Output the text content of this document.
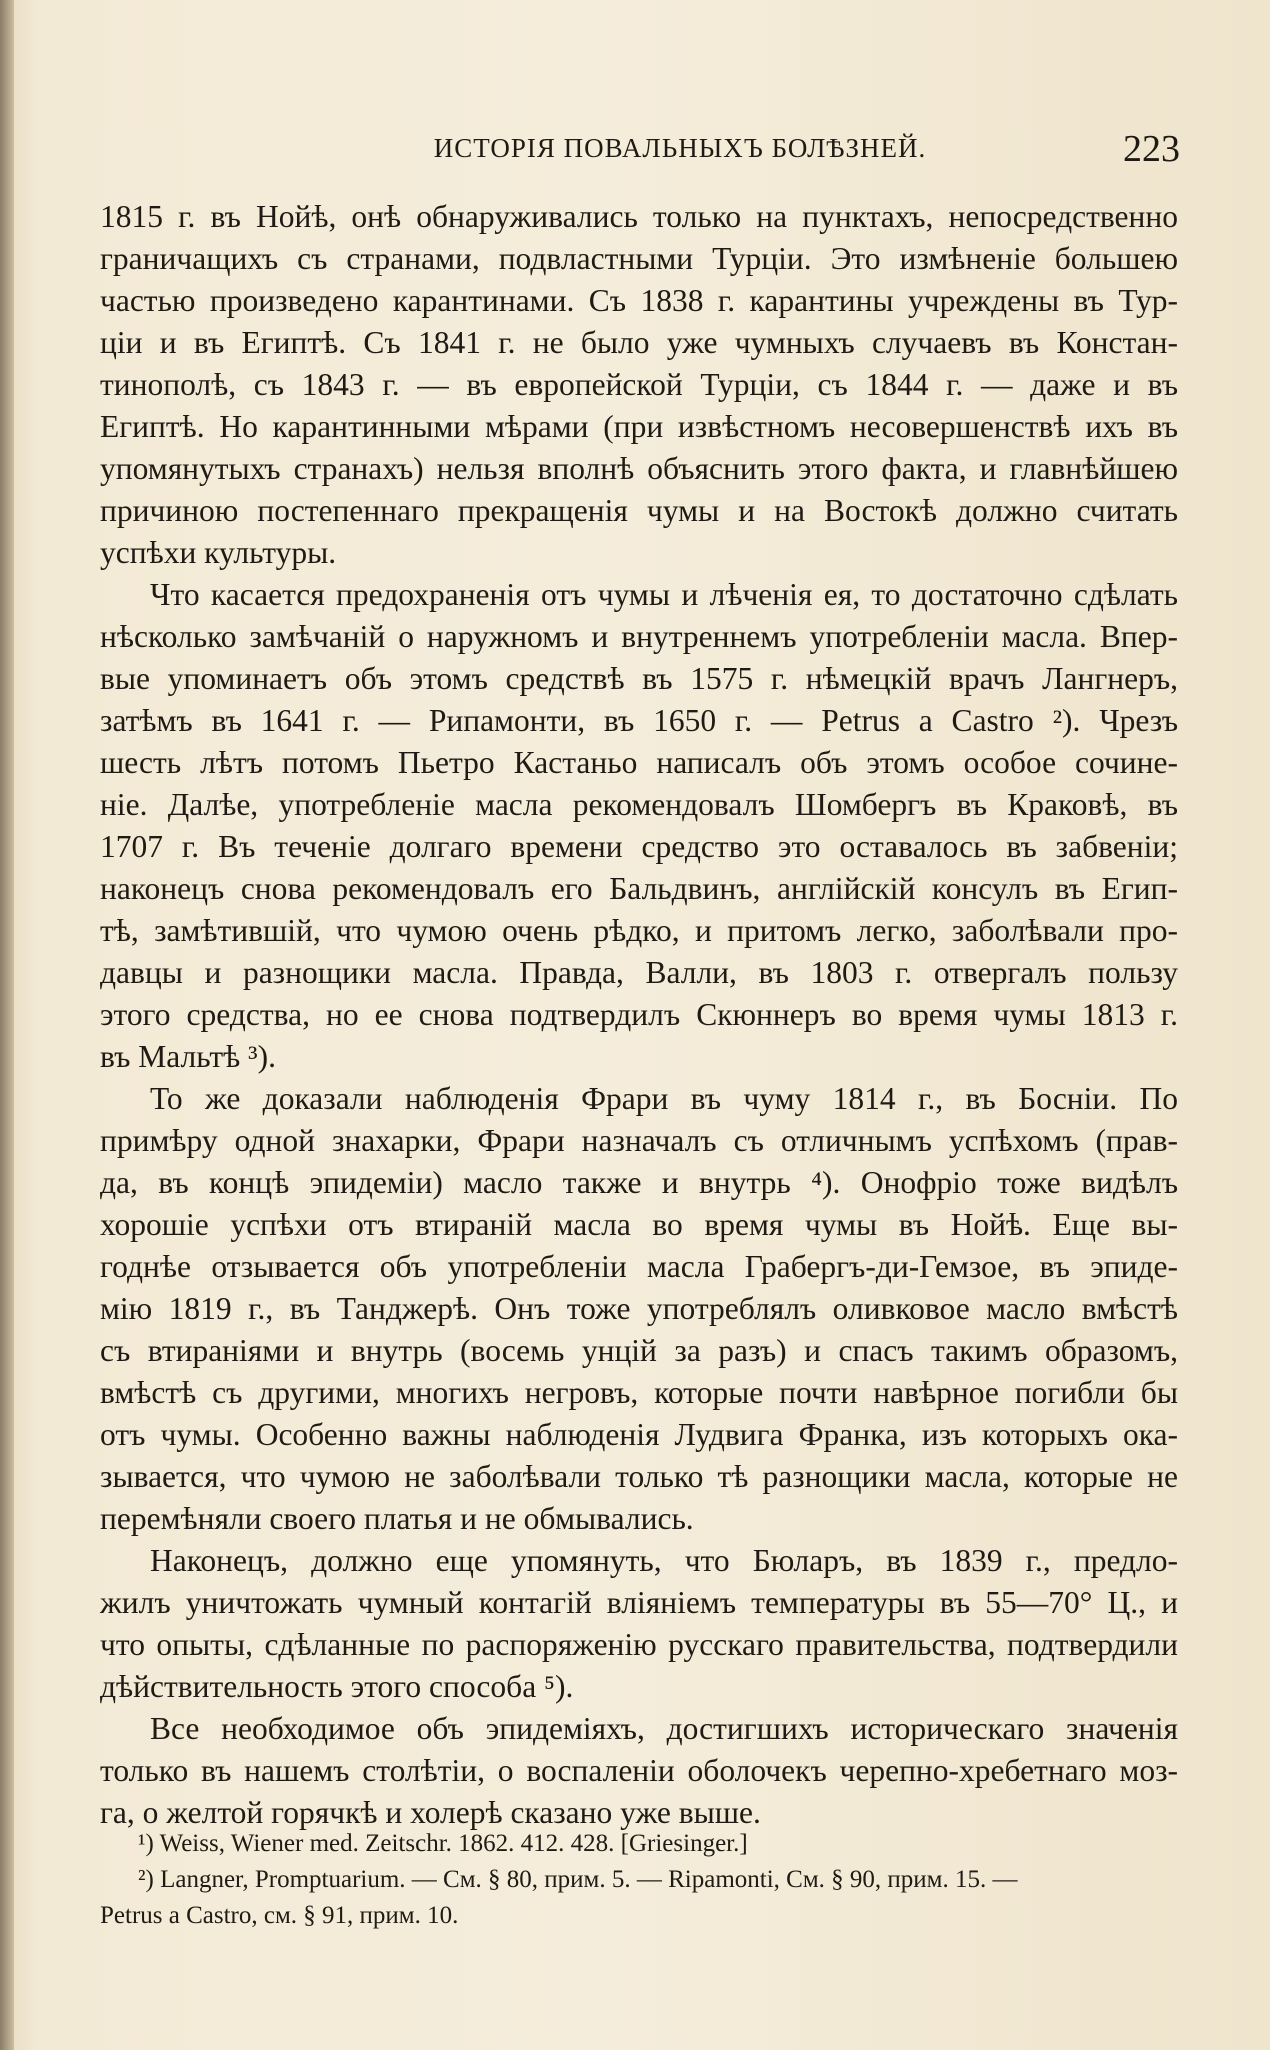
ИСТОРІЯ ПОВАЛЬНЫХЪ БОЛѢЗНЕЙ.	223
1815 г. въ Нойѣ, онѣ обнаруживались только на пунктахъ, непосредственно
граничащихъ съ странами, подвластными Турціи. Это измѣненіе большею
частью произведено карантинами. Съ 1838 г. карантины учреждены въ Тур-
ціи и въ Египтѣ. Съ 1841 г. не было уже чумныхъ случаевъ въ Констан-
тинополѣ, съ 1843 г. — въ европейской Турціи, съ 1844 г. — даже и въ
Египтѣ. Но карантинными мѣрами (при извѣстномъ несовершенствѣ ихъ въ
упомянутыхъ странахъ) нельзя вполнѣ объяснить этого факта, и главнѣйшею
причиною постепеннаго прекращенія чумы и на Востокѣ должно считать
успѣхи культуры.
Что касается предохраненія отъ чумы и лѣченія ея, то достаточно сдѣлать
нѣсколько замѣчаній о наружномъ и внутреннемъ употребленіи масла. Впер-
вые упоминаетъ объ этомъ средствѣ въ 1575 г. нѣмецкій врачъ Лангнеръ,
затѣмъ въ 1641 г. — Рипамонти, въ 1650 г. — Petrus a Castro ²). Чрезъ
шесть лѣтъ потомъ Пьетро Кастаньо написалъ объ этомъ особое сочине-
ніе. Далѣе, употребленіе масла рекомендовалъ Шомбергъ въ Краковѣ, въ
1707 г. Въ теченіе долгаго времени средство это оставалось въ забвеніи;
наконецъ снова рекомендовалъ его Бальдвинъ, англійскій консулъ въ Егип-
тѣ, замѣтившій, что чумою очень рѣдко, и притомъ легко, заболѣвали про-
давцы и разнощики масла. Правда, Валли, въ 1803 г. отвергалъ пользу
этого средства, но ее снова подтвердилъ Скюннеръ во время чумы 1813 г.
въ Мальтѣ ³).
То же доказали наблюденія Фрари въ чуму 1814 г., въ Босніи. По
примѣру одной знахарки, Фрари назначалъ съ отличнымъ успѣхомъ (прав-
да, въ концѣ эпидеміи) масло также и внутрь ⁴). Онофріо тоже видѣлъ
хорошіе успѣхи отъ втираній масла во время чумы въ Нойѣ. Еще вы-
годнѣе отзывается объ употребленіи масла Грабергъ-ди-Гемзое, въ эпиде-
мію 1819 г., въ Танджерѣ. Онъ тоже употреблялъ оливковое масло вмѣстѣ
съ втираніями и внутрь (восемь унцій за разъ) и спасъ такимъ образомъ,
вмѣстѣ съ другими, многихъ негровъ, которые почти навѣрное погибли бы
отъ чумы. Особенно важны наблюденія Лудвига Франка, изъ которыхъ ока-
зывается, что чумою не заболѣвали только тѣ разнощики масла, которые не
перемѣняли своего платья и не обмывались.
Наконецъ, должно еще упомянуть, что Бюларъ, въ 1839 г., предло-
жилъ уничтожать чумный контагій вліяніемъ температуры въ 55—70° Ц., и
что опыты, сдѣланные по распоряженію русскаго правительства, подтвердили
дѣйствительность этого способа ⁵).
Все необходимое объ эпидеміяхъ, достигшихъ историческаго значенія
только въ нашемъ столѣтіи, о воспаленіи оболочекъ черепно-хребетнаго моз-
га, о желтой горячкѣ и холерѣ сказано уже выше.
¹) Weiss, Wiener med. Zeitschr. 1862. 412. 428. [Griesinger.]
²) Langner, Promptuarium. — См. § 80, прим. 5. — Ripamonti, См. § 90, прим. 15. —
Petrus a Castro, см. § 91, прим. 10.
